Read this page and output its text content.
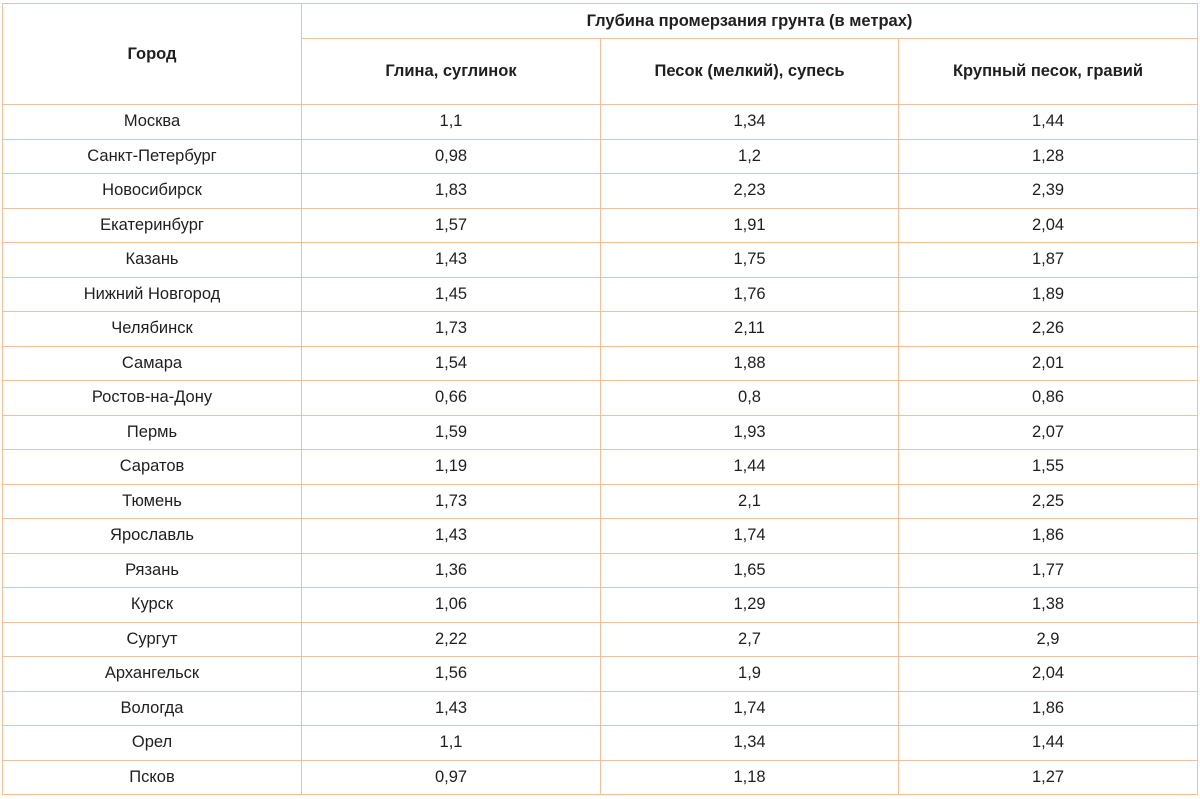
Город	Глубина промерзания грунта (в метрах)		
	Глина, суглинок	Песок (мелкий), супесь	Крупный песок, гравий
Москва	1,1	1,34	1,44
Санкт-Петербург	0,98	1,2	1,28
Новосибирск	1,83	2,23	2,39
Екатеринбург	1,57	1,91	2,04
Казань	1,43	1,75	1,87
Нижний Новгород	1,45	1,76	1,89
Челябинск	1,73	2,11	2,26
Самара	1,54	1,88	2,01
Ростов-на-Дону	0,66	0,8	0,86
Пермь	1,59	1,93	2,07
Саратов	1,19	1,44	1,55
Тюмень	1,73	2,1	2,25
Ярославль	1,43	1,74	1,86
Рязань	1,36	1,65	1,77
Курск	1,06	1,29	1,38
Сургут	2,22	2,7	2,9
Архангельск	1,56	1,9	2,04
Вологда	1,43	1,74	1,86
Орел	1,1	1,34	1,44
Псков	0,97	1,18	1,27
